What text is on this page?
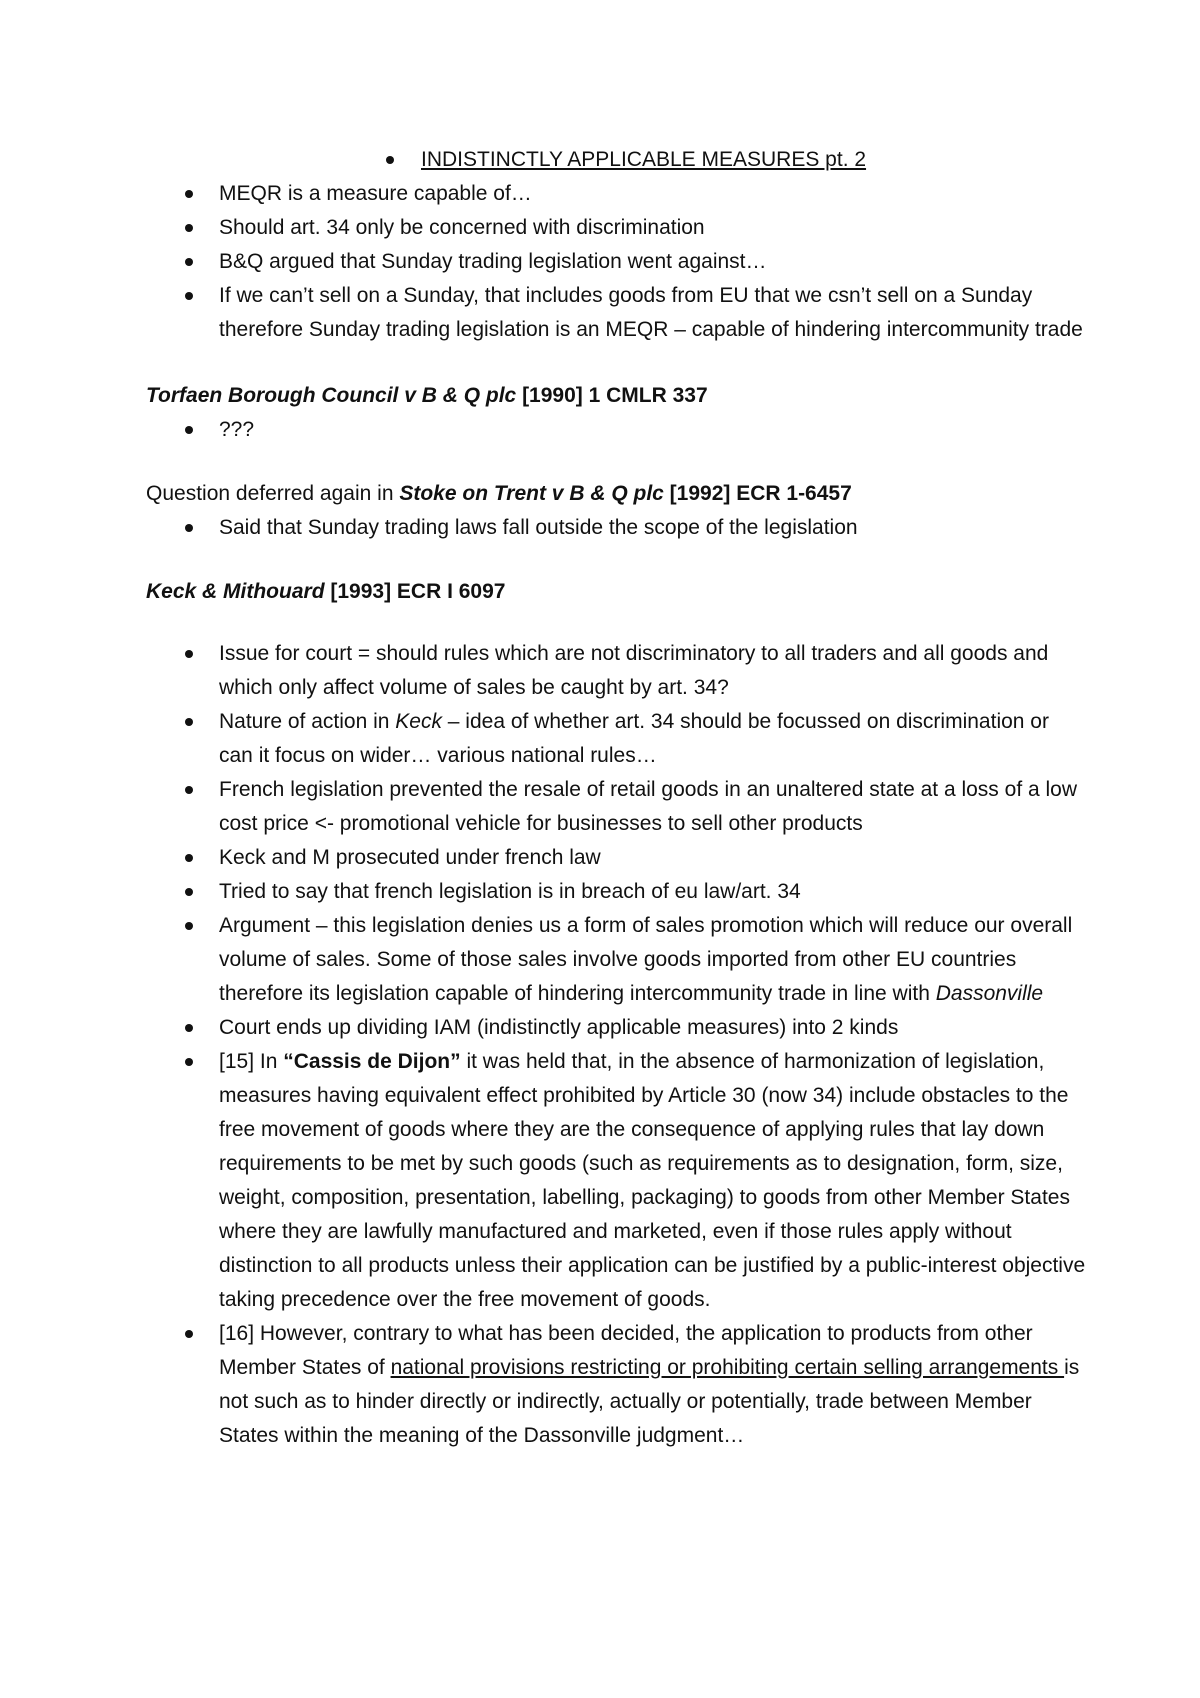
INDISTINCTLY APPLICABLE MEASURES pt. 2
MEQR is a measure capable of…
Should art. 34 only be concerned with discrimination
B&Q argued that Sunday trading legislation went against…
If we can’t sell on a Sunday, that includes goods from EU that we csn’t sell on a Sunday therefore Sunday trading legislation is an MEQR – capable of hindering intercommunity trade

Torfaen Borough Council v B & Q plc [1990] 1 CMLR 337

???

Question deferred again in Stoke on Trent v B & Q plc [1992] ECR 1-6457

Said that Sunday trading laws fall outside the scope of the legislation

Keck & Mithouard [1993] ECR I 6097

Issue for court = should rules which are not discriminatory to all traders and all goods and which only affect volume of sales be caught by art. 34?
Nature of action in Keck – idea of whether art. 34 should be focussed on discrimination or can it focus on wider… various national rules…
French legislation prevented the resale of retail goods in an unaltered state at a loss of a low cost price <- promotional vehicle for businesses to sell other products
Keck and M prosecuted under french law
Tried to say that french legislation is in breach of eu law/art. 34
Argument – this legislation denies us a form of sales promotion which will reduce our overall volume of sales. Some of those sales involve goods imported from other EU countries therefore its legislation capable of hindering intercommunity trade in line with Dassonville
Court ends up dividing IAM (indistinctly applicable measures) into 2 kinds
[15] In “Cassis de Dijon” it was held that, in the absence of harmonization of legislation, measures having equivalent effect prohibited by Article 30 (now 34) include obstacles to the free movement of goods where they are the consequence of applying rules that lay down requirements to be met by such goods (such as requirements as to designation, form, size, weight, composition, presentation, labelling, packaging) to goods from other Member States where they are lawfully manufactured and marketed, even if those rules apply without distinction to all products unless their application can be justified by a public-interest objective taking precedence over the free movement of goods.
[16] However, contrary to what has been decided, the application to products from other Member States of national provisions restricting or prohibiting certain selling arrangements is not such as to hinder directly or indirectly, actually or potentially, trade between Member States within the meaning of the Dassonville judgment…
